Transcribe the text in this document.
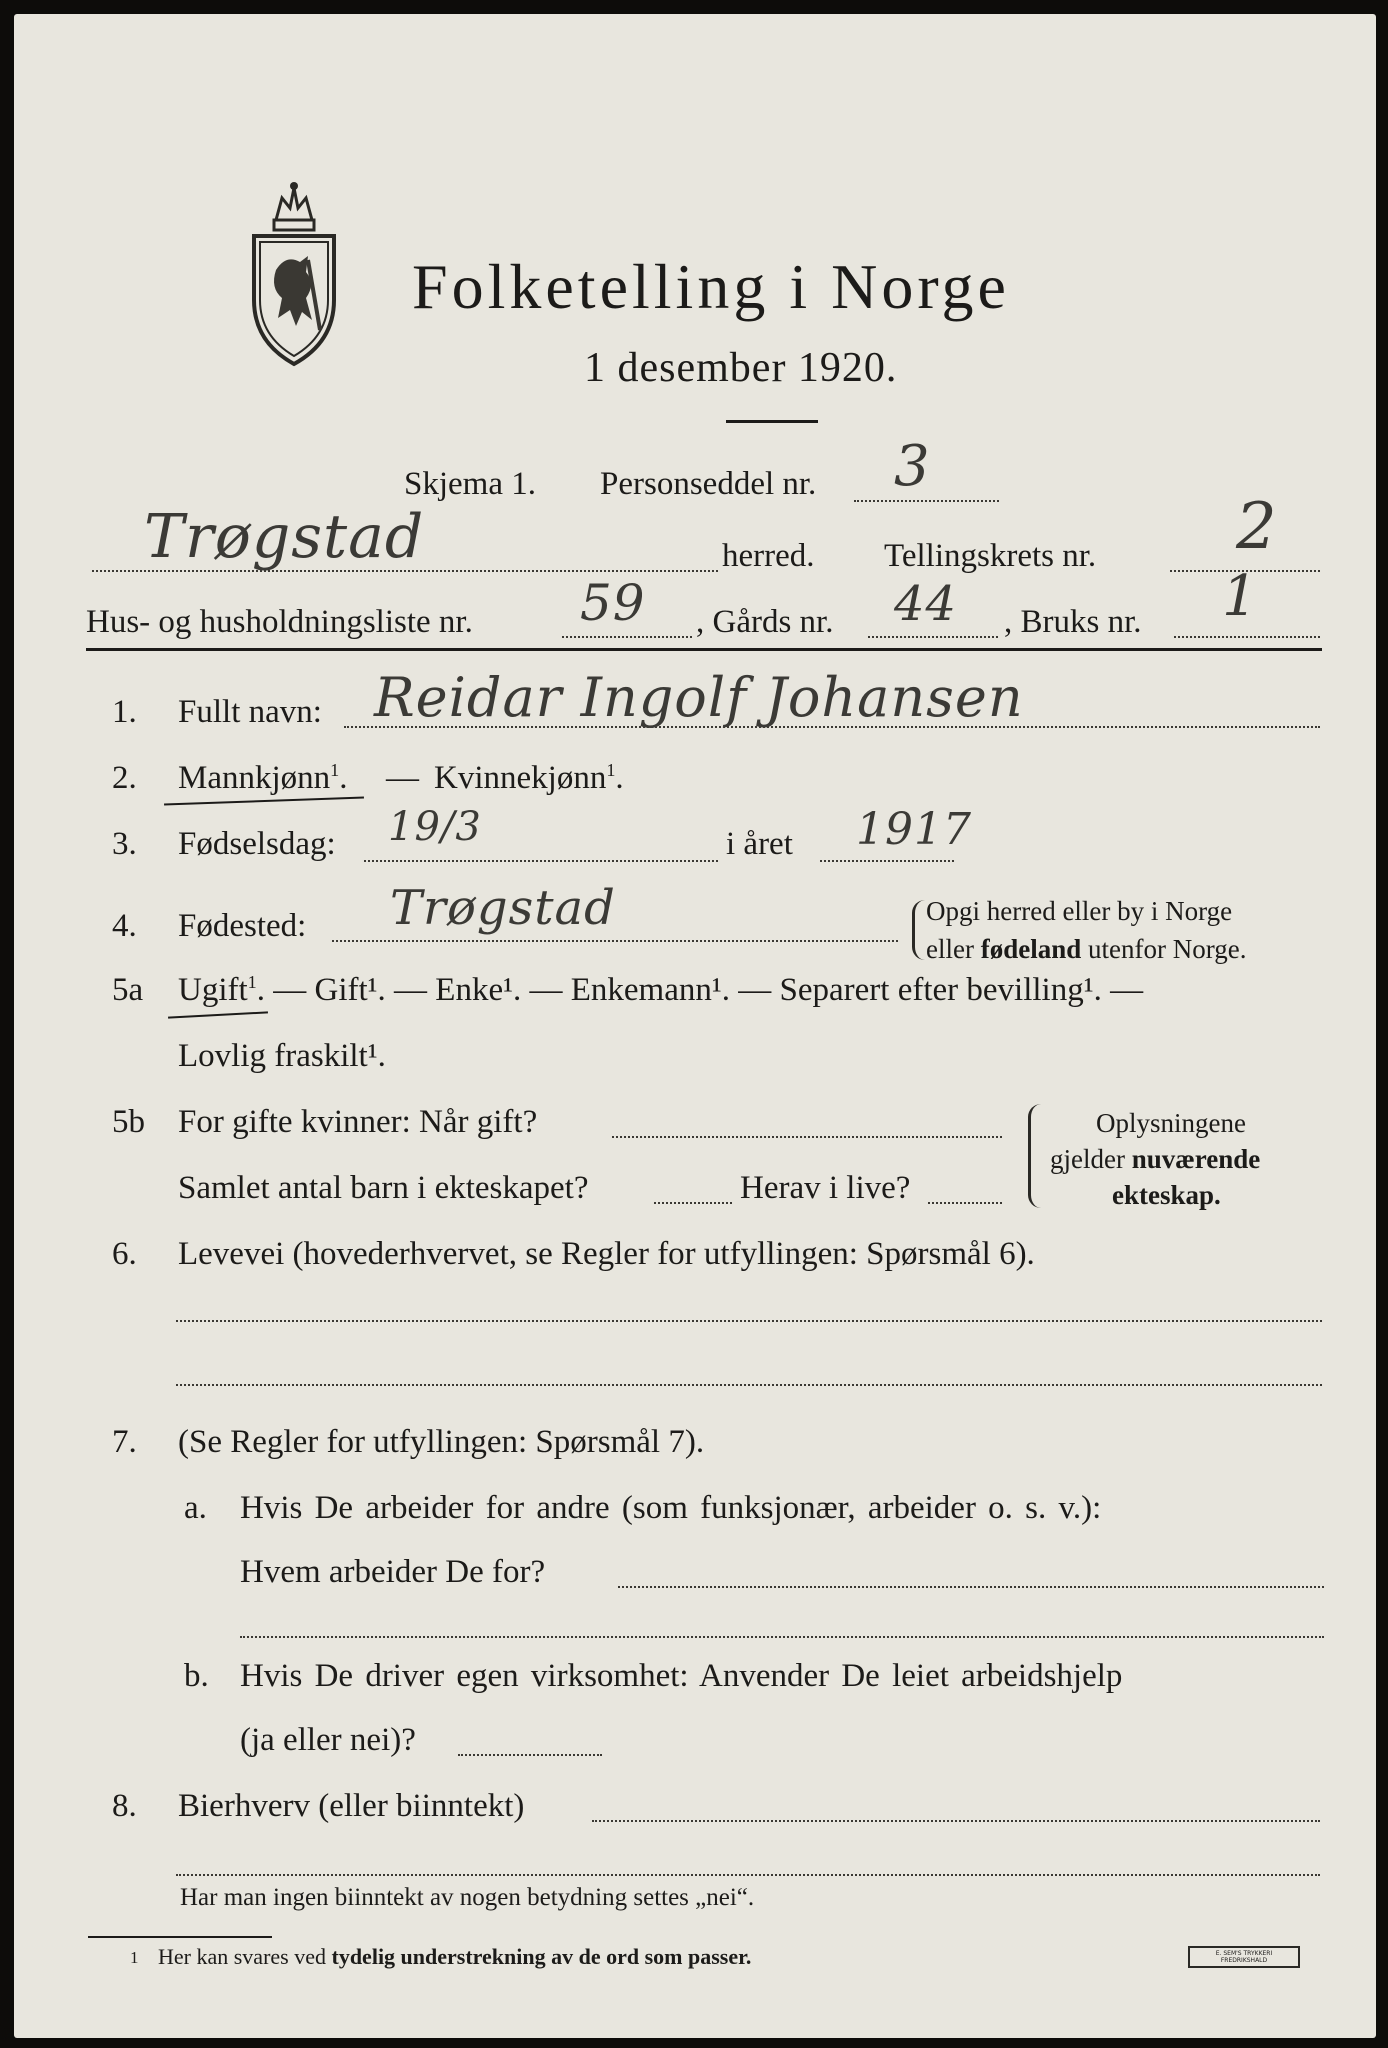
Folketelling i Norge
1 desember 1920.
Skjema 1. Personseddel nr. 3
Trøgstad	herred. Tellingskrets nr. 2
Hus- og husholdningsliste nr. 59 , Gårds nr. 44 , Bruks nr. 1
1. Fullt navn: Reidar Ingolf Johansen
2. Mannkjønn$^1$. — Kvinnekjønn$^1$.
3. Fødselsdag: 19/3	i året 1917
4. Fødested: Trøgstad	Opgi herred eller by i Norge
eller fødeland utenfor Norge.
5a Ugift$^1$. — Gift¹. — Enke¹. — Enkemann¹. — Separert efter bevilling¹. —
Lovlig fraskilt¹.
5b For gifte kvinner: Når gift?
Samlet antal barn i ekteskapet?	Herav i live?
Oplysningene
gjelder nuværende
ekteskap.
6. Levevei (hovederhvervet, se Regler for utfyllingen: Spørsmål 6).
7. (Se Regler for utfyllingen: Spørsmål 7).
a. Hvis De arbeider for andre (som funksjonær, arbeider o. s. v.):
Hvem arbeider De for?
b. Hvis De driver egen virksomhet: Anvender De leiet arbeidshjelp
(ja eller nei)?
8. Bierhverv (eller biinntekt)
Har man ingen biinntekt av nogen betydning settes „nei“.
1 Her kan svares ved tydelig understrekning av de ord som passer.	E. SEM'S TRYKKERI FREDRIKSHALD
